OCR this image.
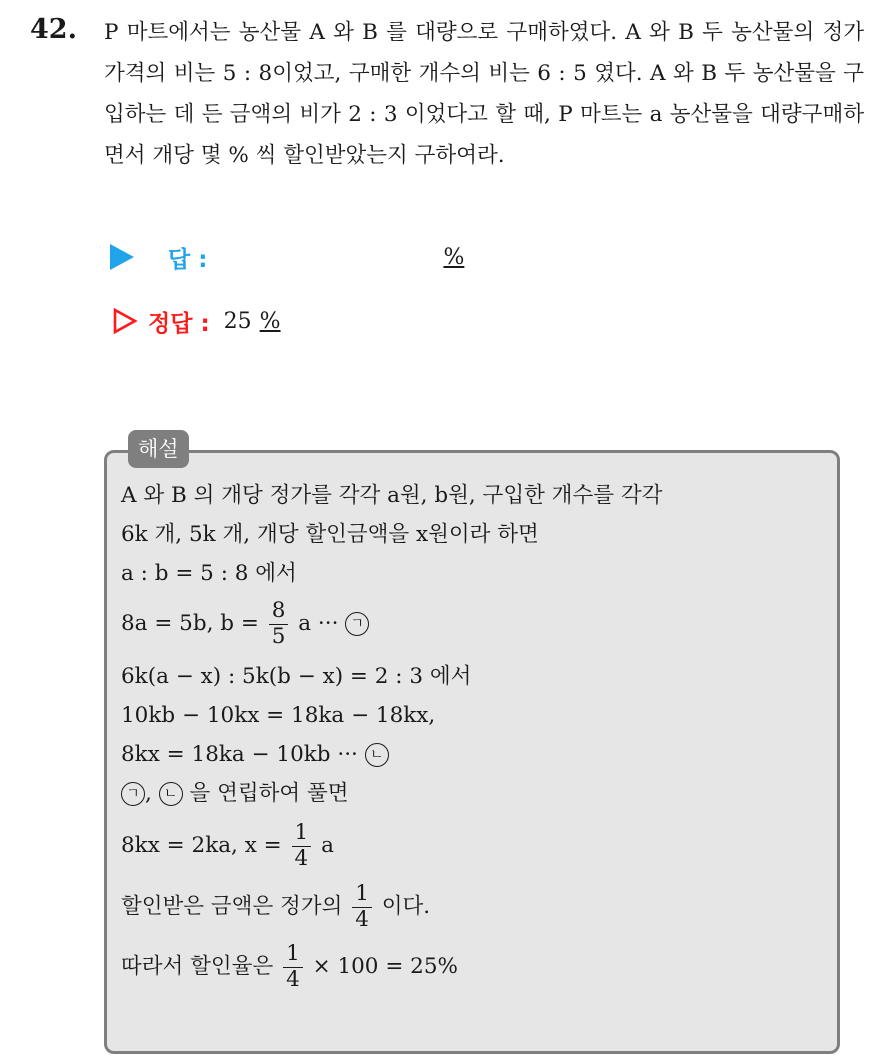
42. P 마트에서는 농산물 A 와 B 를 대량으로 구매하였다. A 와 B 두 농산물의 정가 가격의 비는 5 : 8이었고, 구매한 개수의 비는 6 : 5 였다. A 와 B 두 농산물을 구입하는 데 든 금액의 비가 2 : 3 이었다고 할 때, P 마트는 a 농산물을 대량구매하면서 개당 몇 % 씩 할인받았는지 구하여라.

답 :	%
정답 : 25 %
해설
A 와 B 의 개당 정가를 각각 a원, b원, 구입한 개수를 각각
6k 개, 5k 개, 개당 할인금액을 x원이라 하면
a : b = 5 : 8 에서
8a = 5b, $b = \frac{8}{5}$ a ··· ㄱ
6k(a − x) : 5k(b − x) = 2 : 3 에서
10kb − 10kx = 18ka − 18kx,
8kx = 18ka − 10kb ··· ㄴ
ㄱ , ㄴ 을 연립하여 풀면
8kx = 2ka, $x = \frac{1}{4}$ a
할인받은 금액은 정가의 $\frac{1}{4}$ 이다.
따라서 할인율은 $\frac{1}{4} \times 100 = 25\%$
